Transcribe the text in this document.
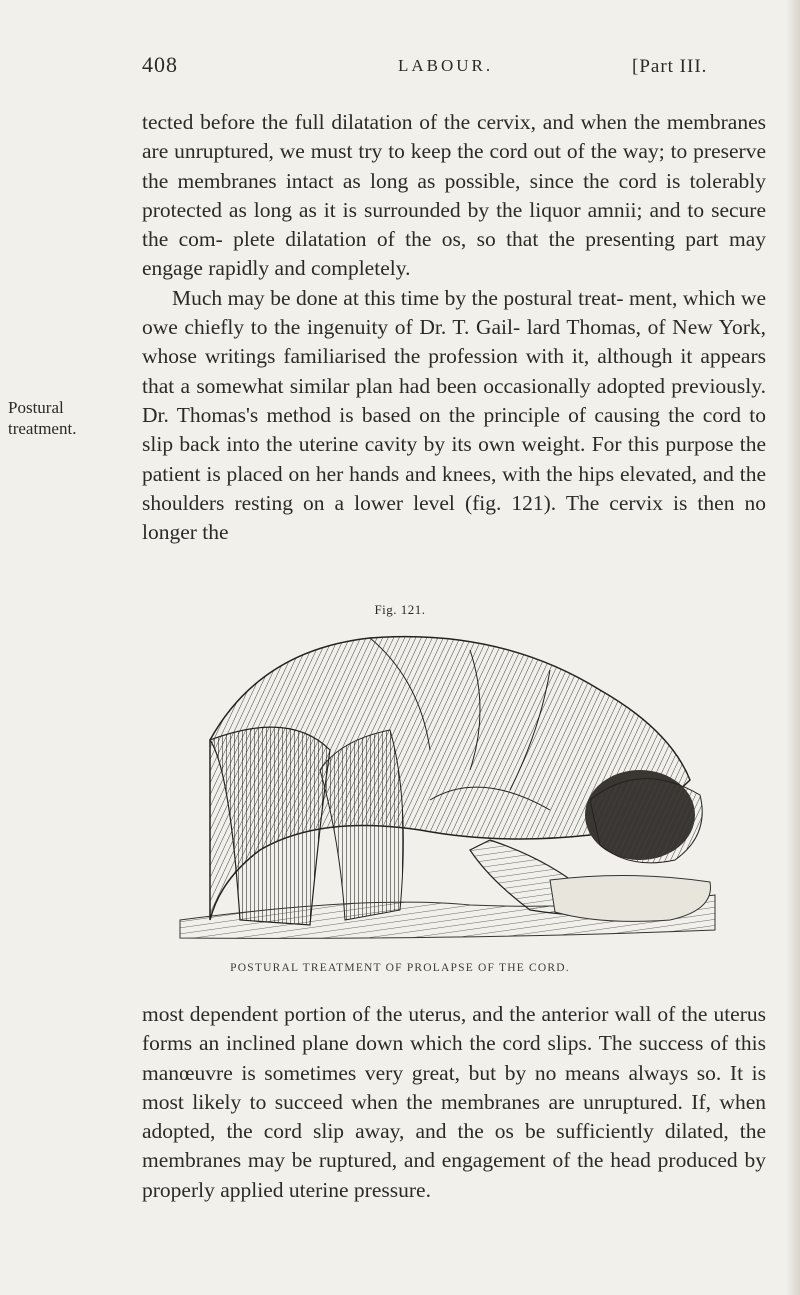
408	LABOUR.	[Part III.
Postural treatment.

tected before the full dilatation of the cervix, and when the membranes are unruptured, we must try to keep the cord out of the way; to preserve the membranes intact as long as possible, since the cord is tolerably protected as long as it is surrounded by the liquor amnii; and to secure the com- plete dilatation of the os, so that the presenting part may engage rapidly and completely.

Much may be done at this time by the postural treat- ment, which we owe chiefly to the ingenuity of Dr. T. Gail- lard Thomas, of New York, whose writings familiarised the profession with it, although it appears that a somewhat similar plan had been occasionally adopted previously. Dr. Thomas's method is based on the principle of causing the cord to slip back into the uterine cavity by its own weight. For this purpose the patient is placed on her hands and knees, with the hips elevated, and the shoulders resting on a lower level (fig. 121). The cervix is then no longer the

Fig. 121.
POSTURAL TREATMENT OF PROLAPSE OF THE CORD.

most dependent portion of the uterus, and the anterior wall of the uterus forms an inclined plane down which the cord slips. The success of this manœuvre is sometimes very great, but by no means always so. It is most likely to succeed when the membranes are unruptured. If, when adopted, the cord slip away, and the os be sufficiently dilated, the membranes may be ruptured, and engagement of the head produced by properly applied uterine pressure.
